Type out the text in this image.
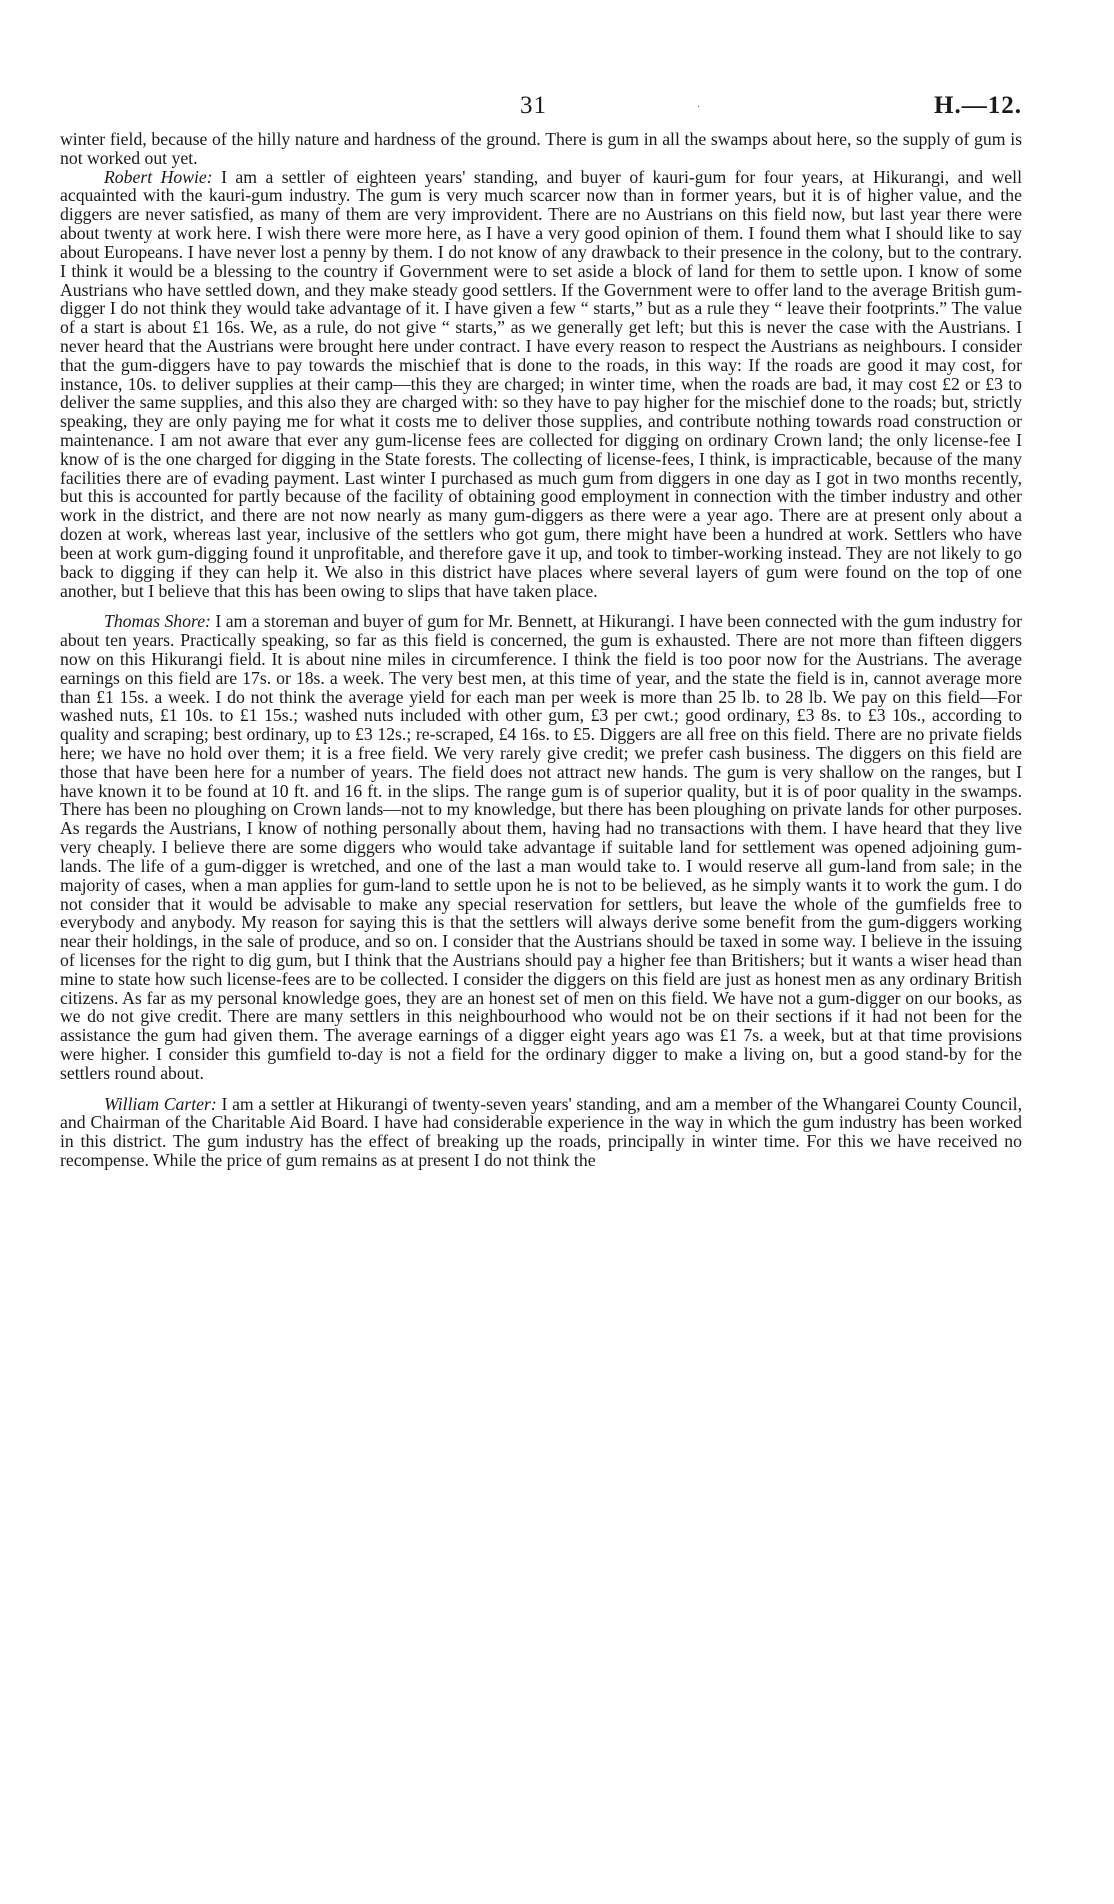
31	·	H.—12.

winter field, because of the hilly nature and hardness of the ground. There is gum in all the swamps about here, so the supply of gum is not worked out yet.

Robert Howie: I am a settler of eighteen years' standing, and buyer of kauri-gum for four years, at Hikurangi, and well acquainted with the kauri-gum industry. The gum is very much scarcer now than in former years, but it is of higher value, and the diggers are never satisfied, as many of them are very improvident. There are no Austrians on this field now, but last year there were about twenty at work here. I wish there were more here, as I have a very good opinion of them. I found them what I should like to say about Europeans. I have never lost a penny by them. I do not know of any drawback to their presence in the colony, but to the contrary. I think it would be a blessing to the country if Government were to set aside a block of land for them to settle upon. I know of some Austrians who have settled down, and they make steady good settlers. If the Government were to offer land to the average British gum-digger I do not think they would take advantage of it. I have given a few “ starts,” but as a rule they “ leave their footprints.” The value of a start is about £1 16s. We, as a rule, do not give “ starts,” as we generally get left; but this is never the case with the Austrians. I never heard that the Austrians were brought here under contract. I have every reason to respect the Austrians as neighbours. I consider that the gum-diggers have to pay towards the mischief that is done to the roads, in this way: If the roads are good it may cost, for instance, 10s. to deliver supplies at their camp—this they are charged; in winter time, when the roads are bad, it may cost £2 or £3 to deliver the same supplies, and this also they are charged with: so they have to pay higher for the mischief done to the roads; but, strictly speaking, they are only paying me for what it costs me to deliver those supplies, and contribute nothing towards road construction or maintenance. I am not aware that ever any gum-license fees are collected for digging on ordinary Crown land; the only license-fee I know of is the one charged for digging in the State forests. The collecting of license-fees, I think, is impracticable, because of the many facilities there are of evading payment. Last winter I purchased as much gum from diggers in one day as I got in two months recently, but this is accounted for partly because of the facility of obtaining good employment in connection with the timber industry and other work in the district, and there are not now nearly as many gum-diggers as there were a year ago. There are at present only about a dozen at work, whereas last year, inclusive of the settlers who got gum, there might have been a hundred at work. Settlers who have been at work gum-digging found it unprofitable, and therefore gave it up, and took to timber-working instead. They are not likely to go back to digging if they can help it. We also in this district have places where several layers of gum were found on the top of one another, but I believe that this has been owing to slips that have taken place.

Thomas Shore: I am a storeman and buyer of gum for Mr. Bennett, at Hikurangi. I have been connected with the gum industry for about ten years. Practically speaking, so far as this field is concerned, the gum is exhausted. There are not more than fifteen diggers now on this Hikurangi field. It is about nine miles in circumference. I think the field is too poor now for the Austrians. The average earnings on this field are 17s. or 18s. a week. The very best men, at this time of year, and the state the field is in, cannot average more than £1 15s. a week. I do not think the average yield for each man per week is more than 25 lb. to 28 lb. We pay on this field—For washed nuts, £1 10s. to £1 15s.; washed nuts included with other gum, £3 per cwt.; good ordinary, £3 8s. to £3 10s., according to quality and scraping; best ordinary, up to £3 12s.; re-scraped, £4 16s. to £5. Diggers are all free on this field. There are no private fields here; we have no hold over them; it is a free field. We very rarely give credit; we prefer cash business. The diggers on this field are those that have been here for a number of years. The field does not attract new hands. The gum is very shallow on the ranges, but I have known it to be found at 10 ft. and 16 ft. in the slips. The range gum is of superior quality, but it is of poor quality in the swamps. There has been no ploughing on Crown lands—not to my knowledge, but there has been ploughing on private lands for other purposes. As regards the Austrians, I know of nothing personally about them, having had no transactions with them. I have heard that they live very cheaply. I believe there are some diggers who would take advantage if suitable land for settlement was opened adjoining gum-lands. The life of a gum-digger is wretched, and one of the last a man would take to. I would reserve all gum-land from sale; in the majority of cases, when a man applies for gum-land to settle upon he is not to be believed, as he simply wants it to work the gum. I do not consider that it would be advisable to make any special reservation for settlers, but leave the whole of the gumfields free to everybody and anybody. My reason for saying this is that the settlers will always derive some benefit from the gum-diggers working near their holdings, in the sale of produce, and so on. I consider that the Austrians should be taxed in some way. I believe in the issuing of licenses for the right to dig gum, but I think that the Austrians should pay a higher fee than Britishers; but it wants a wiser head than mine to state how such license-fees are to be collected. I consider the diggers on this field are just as honest men as any ordinary British citizens. As far as my personal knowledge goes, they are an honest set of men on this field. We have not a gum-digger on our books, as we do not give credit. There are many settlers in this neighbourhood who would not be on their sections if it had not been for the assistance the gum had given them. The average earnings of a digger eight years ago was £1 7s. a week, but at that time provisions were higher. I consider this gumfield to-day is not a field for the ordinary digger to make a living on, but a good stand-by for the settlers round about.

William Carter: I am a settler at Hikurangi of twenty-seven years' standing, and am a member of the Whangarei County Council, and Chairman of the Charitable Aid Board. I have had considerable experience in the way in which the gum industry has been worked in this district. The gum industry has the effect of breaking up the roads, principally in winter time. For this we have received no recompense. While the price of gum remains as at present I do not think the
